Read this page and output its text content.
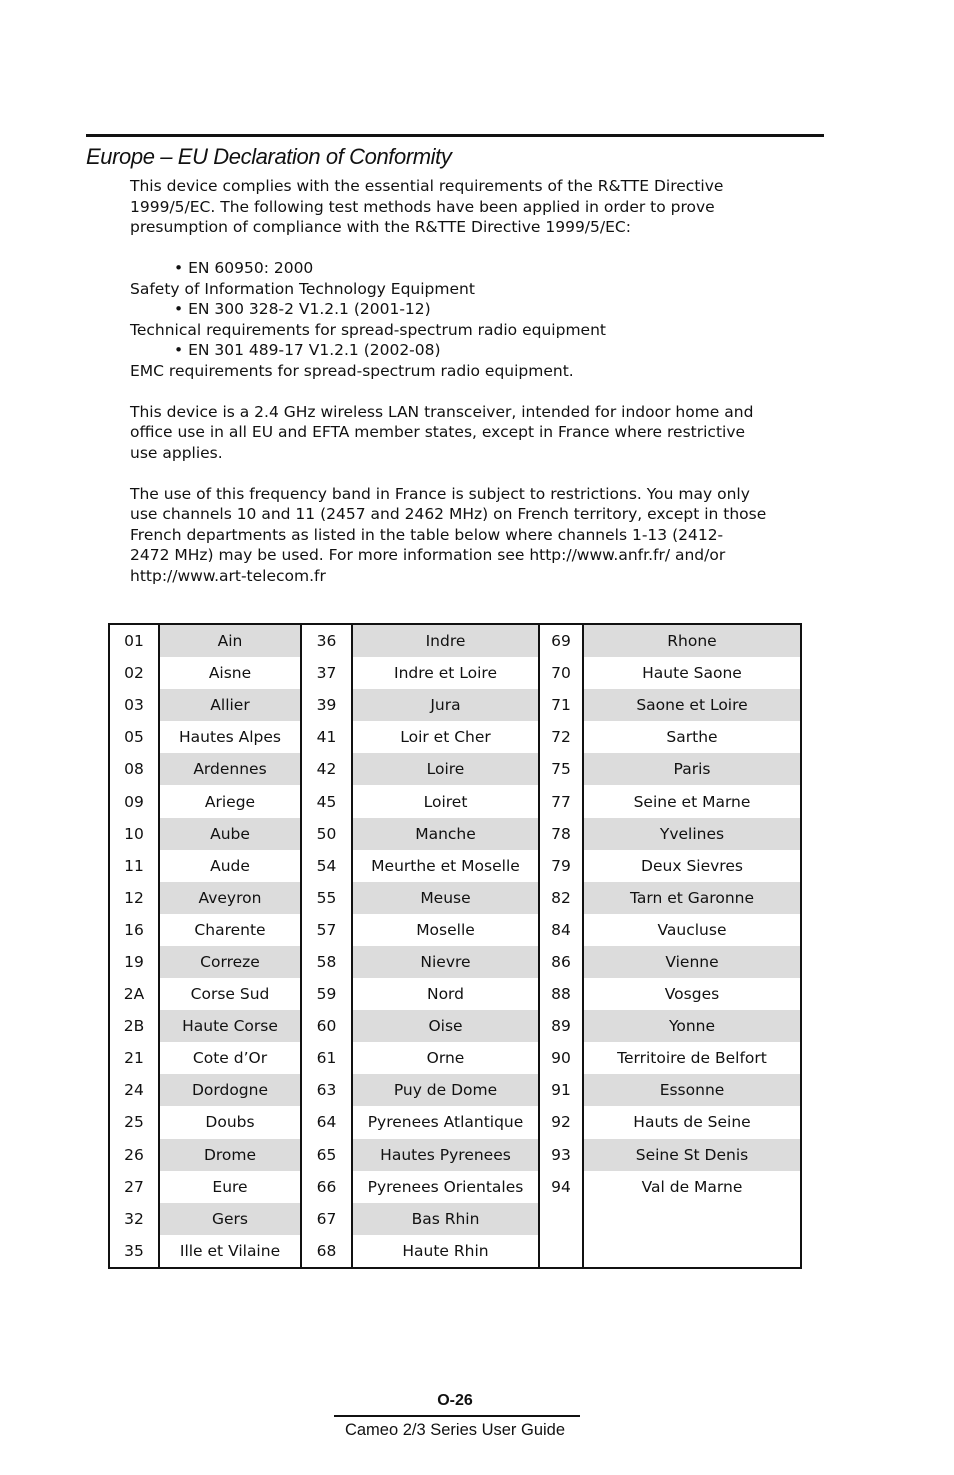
Europe – EU Declaration of Conformity

This device complies with the essential requirements of the R&TTE Directive

1999/5/EC. The following test methods have been applied in order to prove

presumption of compliance with the R&TTE Directive 1999/5/EC:

• EN 60950: 2000

Safety of Information Technology Equipment

• EN 300 328-2 V1.2.1 (2001-12)

Technical requirements for spread-spectrum radio equipment

• EN 301 489-17 V1.2.1 (2002-08)

EMC requirements for spread-spectrum radio equipment.

This device is a 2.4 GHz wireless LAN transceiver, intended for indoor home and

office use in all EU and EFTA member states, except in France where restrictive

use applies.

The use of this frequency band in France is subject to restrictions. You may only

use channels 10 and 11 (2457 and 2462 MHz) on French territory, except in those

French departments as listed in the table below where channels 1-13 (2412-

2472 MHz) may be used. For more information see http://www.anfr.fr/ and/or

http://www.art-telecom.fr

01	Ain	36	Indre	69	Rhone
02	Aisne	37	Indre et Loire	70	Haute Saone
03	Allier	39	Jura	71	Saone et Loire
05	Hautes Alpes	41	Loir et Cher	72	Sarthe
08	Ardennes	42	Loire	75	Paris
09	Ariege	45	Loiret	77	Seine et Marne
10	Aube	50	Manche	78	Yvelines
11	Aude	54	Meurthe et Moselle	79	Deux Sievres
12	Aveyron	55	Meuse	82	Tarn et Garonne
16	Charente	57	Moselle	84	Vaucluse
19	Correze	58	Nievre	86	Vienne
2A	Corse Sud	59	Nord	88	Vosges
2B	Haute Corse	60	Oise	89	Yonne
21	Cote d’Or	61	Orne	90	Territoire de Belfort
24	Dordogne	63	Puy de Dome	91	Essonne
25	Doubs	64	Pyrenees Atlantique	92	Hauts de Seine
26	Drome	65	Hautes Pyrenees	93	Seine St Denis
27	Eure	66	Pyrenees Orientales	94	Val de Marne
32	Gers	67	Bas Rhin		
35	Ille et Vilaine	68	Haute Rhin		
O-26
Cameo 2/3 Series User Guide
